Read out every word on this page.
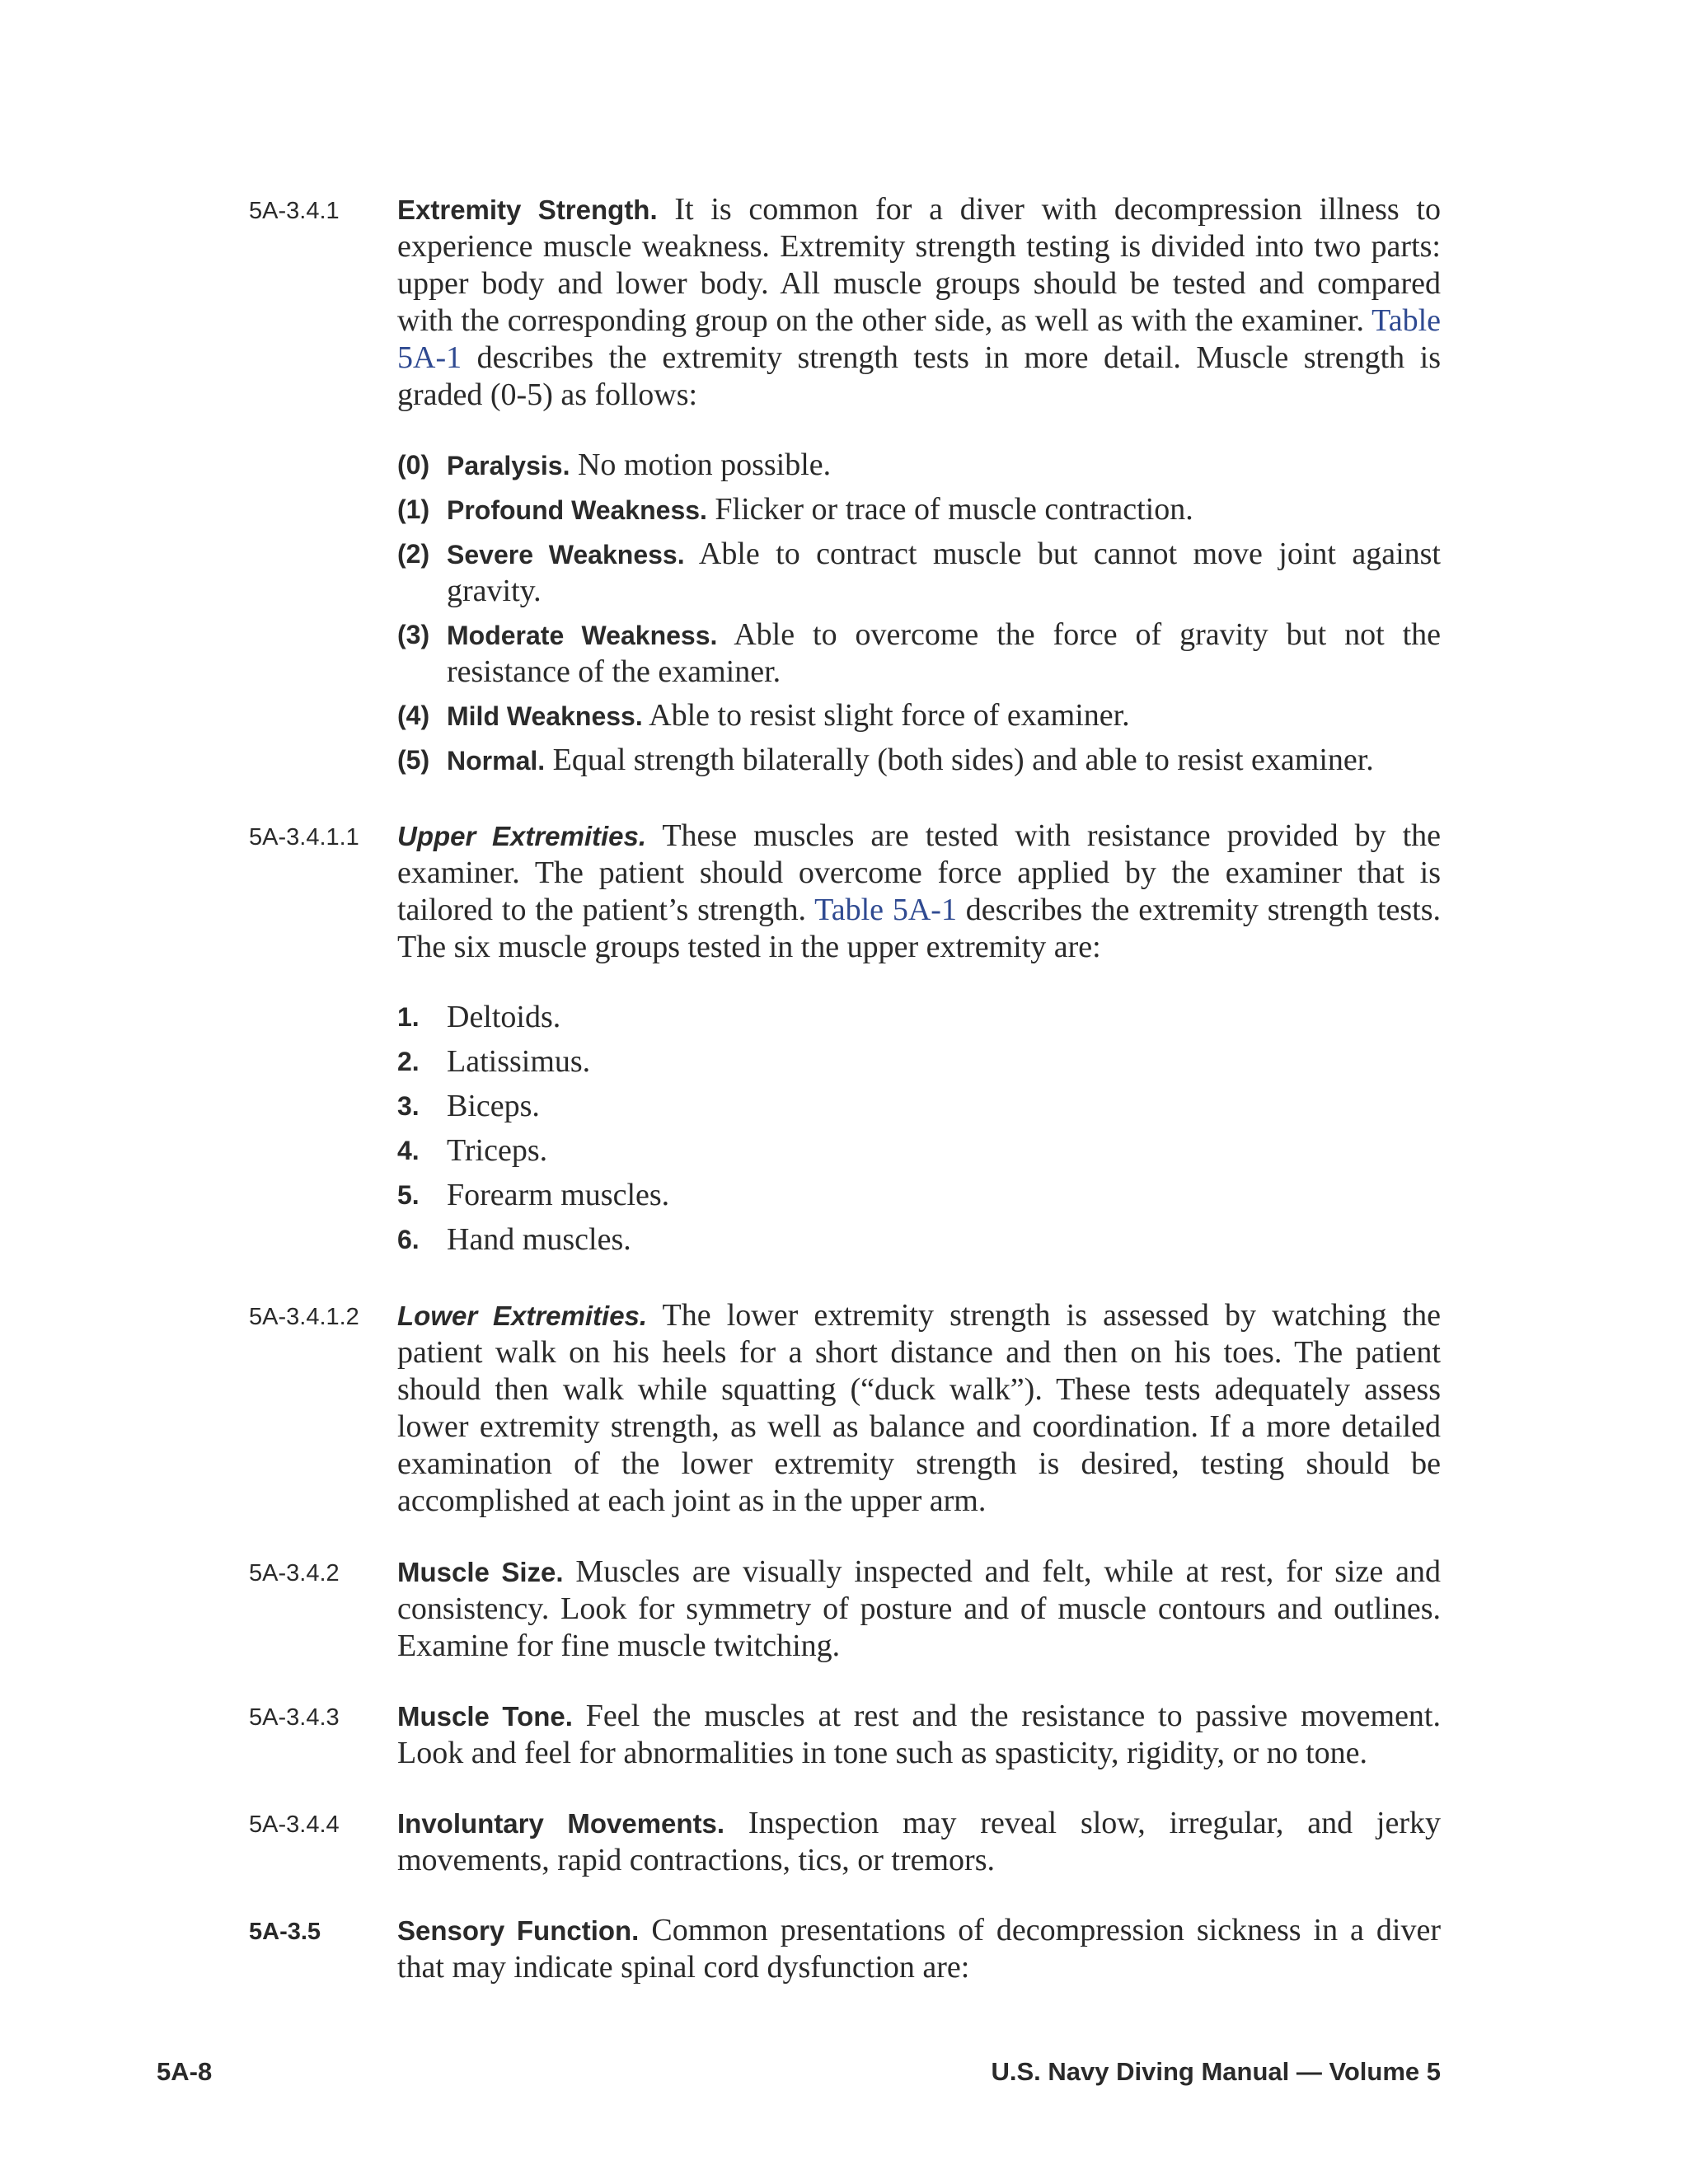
5A-3.4.1 Extremity Strength. It is common for a diver with decompression illness to experience muscle weakness. Extremity strength testing is divided into two parts: upper body and lower body. All muscle groups should be tested and compared with the corresponding group on the other side, as well as with the examiner. Table 5A-1 describes the extremity strength tests in more detail. Muscle strength is graded (0-5) as follows:
(0) Paralysis. No motion possible.
(1) Profound Weakness. Flicker or trace of muscle contraction.
(2) Severe Weakness. Able to contract muscle but cannot move joint against gravity.
(3) Moderate Weakness. Able to overcome the force of gravity but not the resistance of the examiner.
(4) Mild Weakness. Able to resist slight force of examiner.
(5) Normal. Equal strength bilaterally (both sides) and able to resist examiner.
5A-3.4.1.1 Upper Extremities. These muscles are tested with resistance provided by the examiner. The patient should overcome force applied by the examiner that is tailored to the patient’s strength. Table 5A-1 describes the extremity strength tests. The six muscle groups tested in the upper extremity are:
1. Deltoids.
2. Latissimus.
3. Biceps.
4. Triceps.
5. Forearm muscles.
6. Hand muscles.
5A-3.4.1.2 Lower Extremities. The lower extremity strength is assessed by watching the patient walk on his heels for a short distance and then on his toes. The patient should then walk while squatting (“duck walk”). These tests adequately assess lower extremity strength, as well as balance and coordination. If a more detailed examination of the lower extremity strength is desired, testing should be accomplished at each joint as in the upper arm.
5A-3.4.2 Muscle Size. Muscles are visually inspected and felt, while at rest, for size and consistency. Look for symmetry of posture and of muscle contours and outlines. Examine for fine muscle twitching.
5A-3.4.3 Muscle Tone. Feel the muscles at rest and the resistance to passive movement. Look and feel for abnormalities in tone such as spasticity, rigidity, or no tone.
5A-3.4.4 Involuntary Movements. Inspection may reveal slow, irregular, and jerky movements, rapid contractions, tics, or tremors.
5A-3.5	Sensory Function. Common presentations of decompression sickness in a diver that may indicate spinal cord dysfunction are:
5A-8	U.S. Navy Diving Manual — Volume 5
